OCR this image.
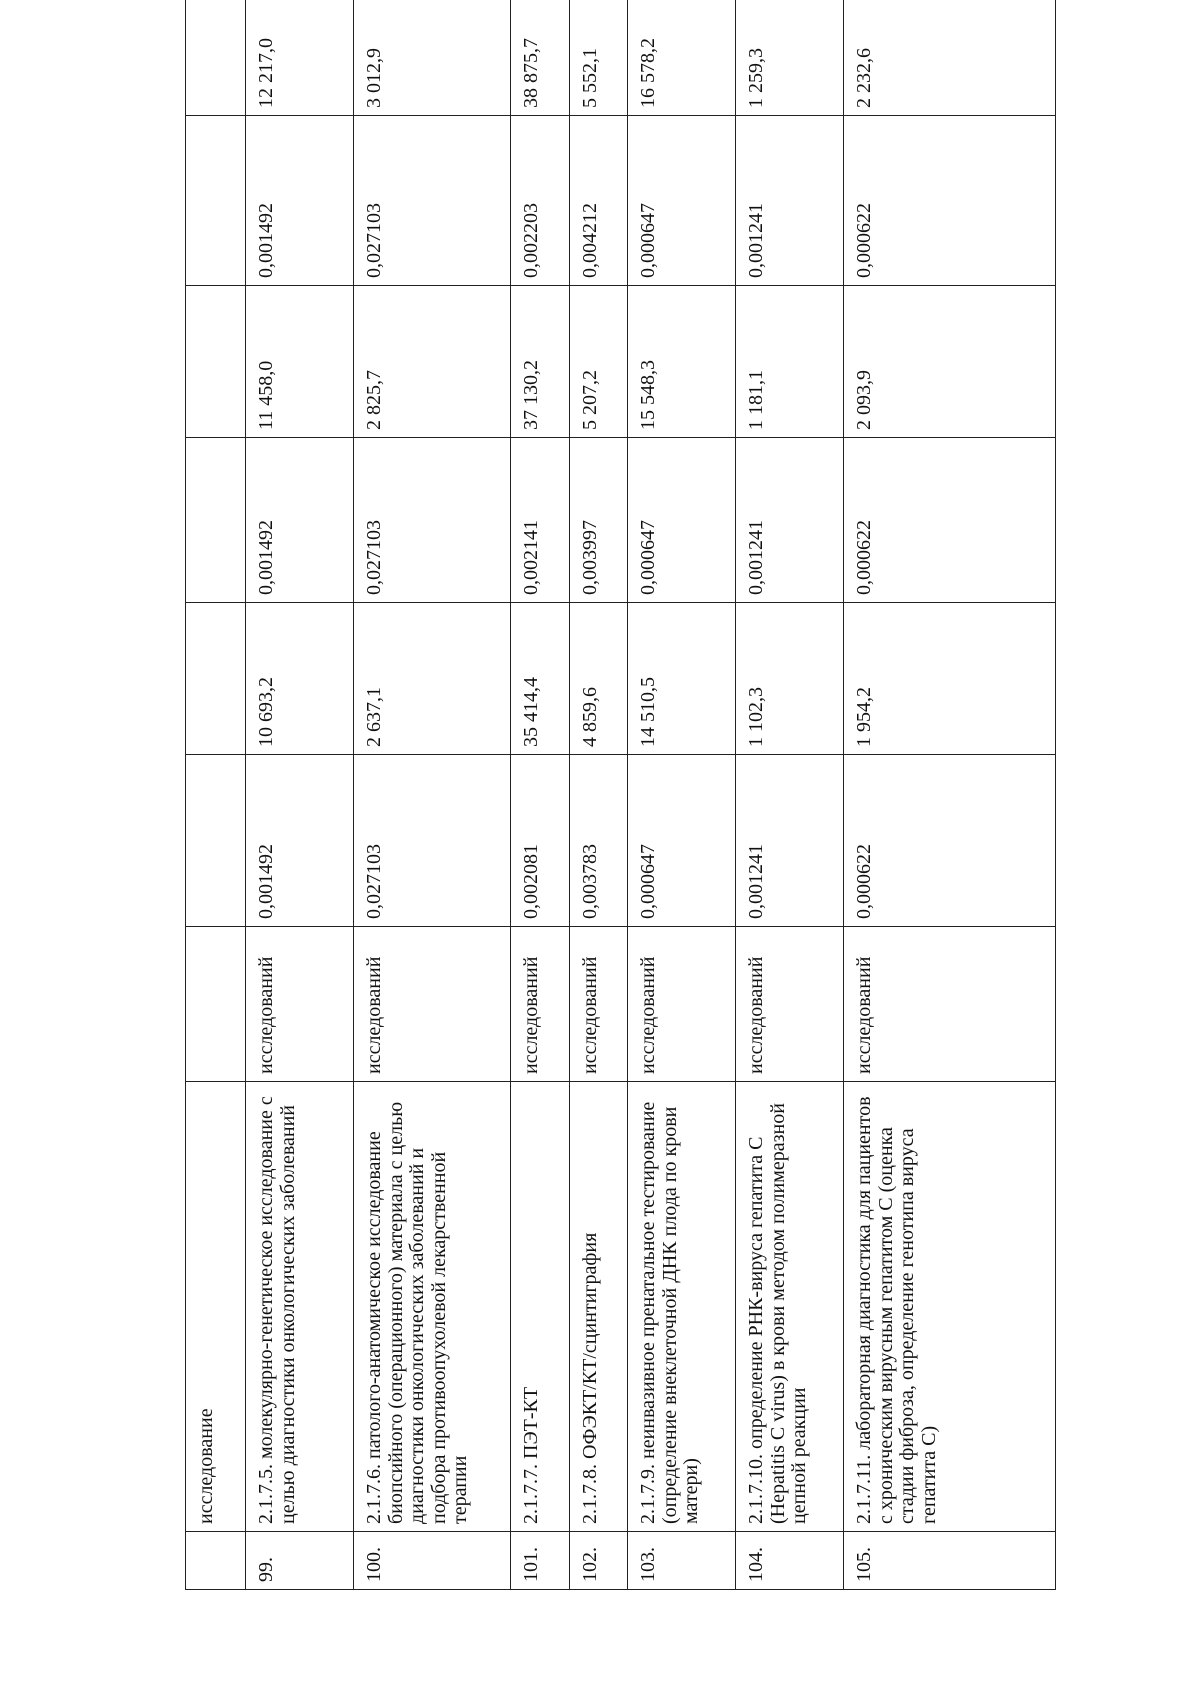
	исследование							
99.	2.1.7.5. молекулярно-генетическое исследование с целью диагностики онкологических заболеваний	исследований	0,001492	10 693,2	0,001492	11 458,0	0,001492	12 217,0
100.	2.1.7.6. патолого-анатомическое исследование биопсийного (операционного) материала с целью диагностики онкологических заболеваний и подбора противоопухолевой лекарственной терапии	исследований	0,027103	2 637,1	0,027103	2 825,7	0,027103	3 012,9
101.	2.1.7.7. ПЭТ-КТ	исследований	0,002081	35 414,4	0,002141	37 130,2	0,002203	38 875,7
102.	2.1.7.8. ОФЭКТ/КТ/сцинтиграфия	исследований	0,003783	4 859,6	0,003997	5 207,2	0,004212	5 552,1
103.	2.1.7.9. неинвазивное пренатальное тестирование (определение внеклеточной ДНК плода по крови матери)	исследований	0,000647	14 510,5	0,000647	15 548,3	0,000647	16 578,2
104.	2.1.7.10. определение РНК-вируса гепатита С (Hepatitis C virus) в крови методом полимеразной цепной реакции	исследований	0,001241	1 102,3	0,001241	1 181,1	0,001241	1 259,3
105.	2.1.7.11. лабораторная диагностика для пациентов с хроническим вирусным гепатитом С (оценка стадии фиброза, определение генотипа вируса гепатита С)	исследований	0,000622	1 954,2	0,000622	2 093,9	0,000622	2 232,6
